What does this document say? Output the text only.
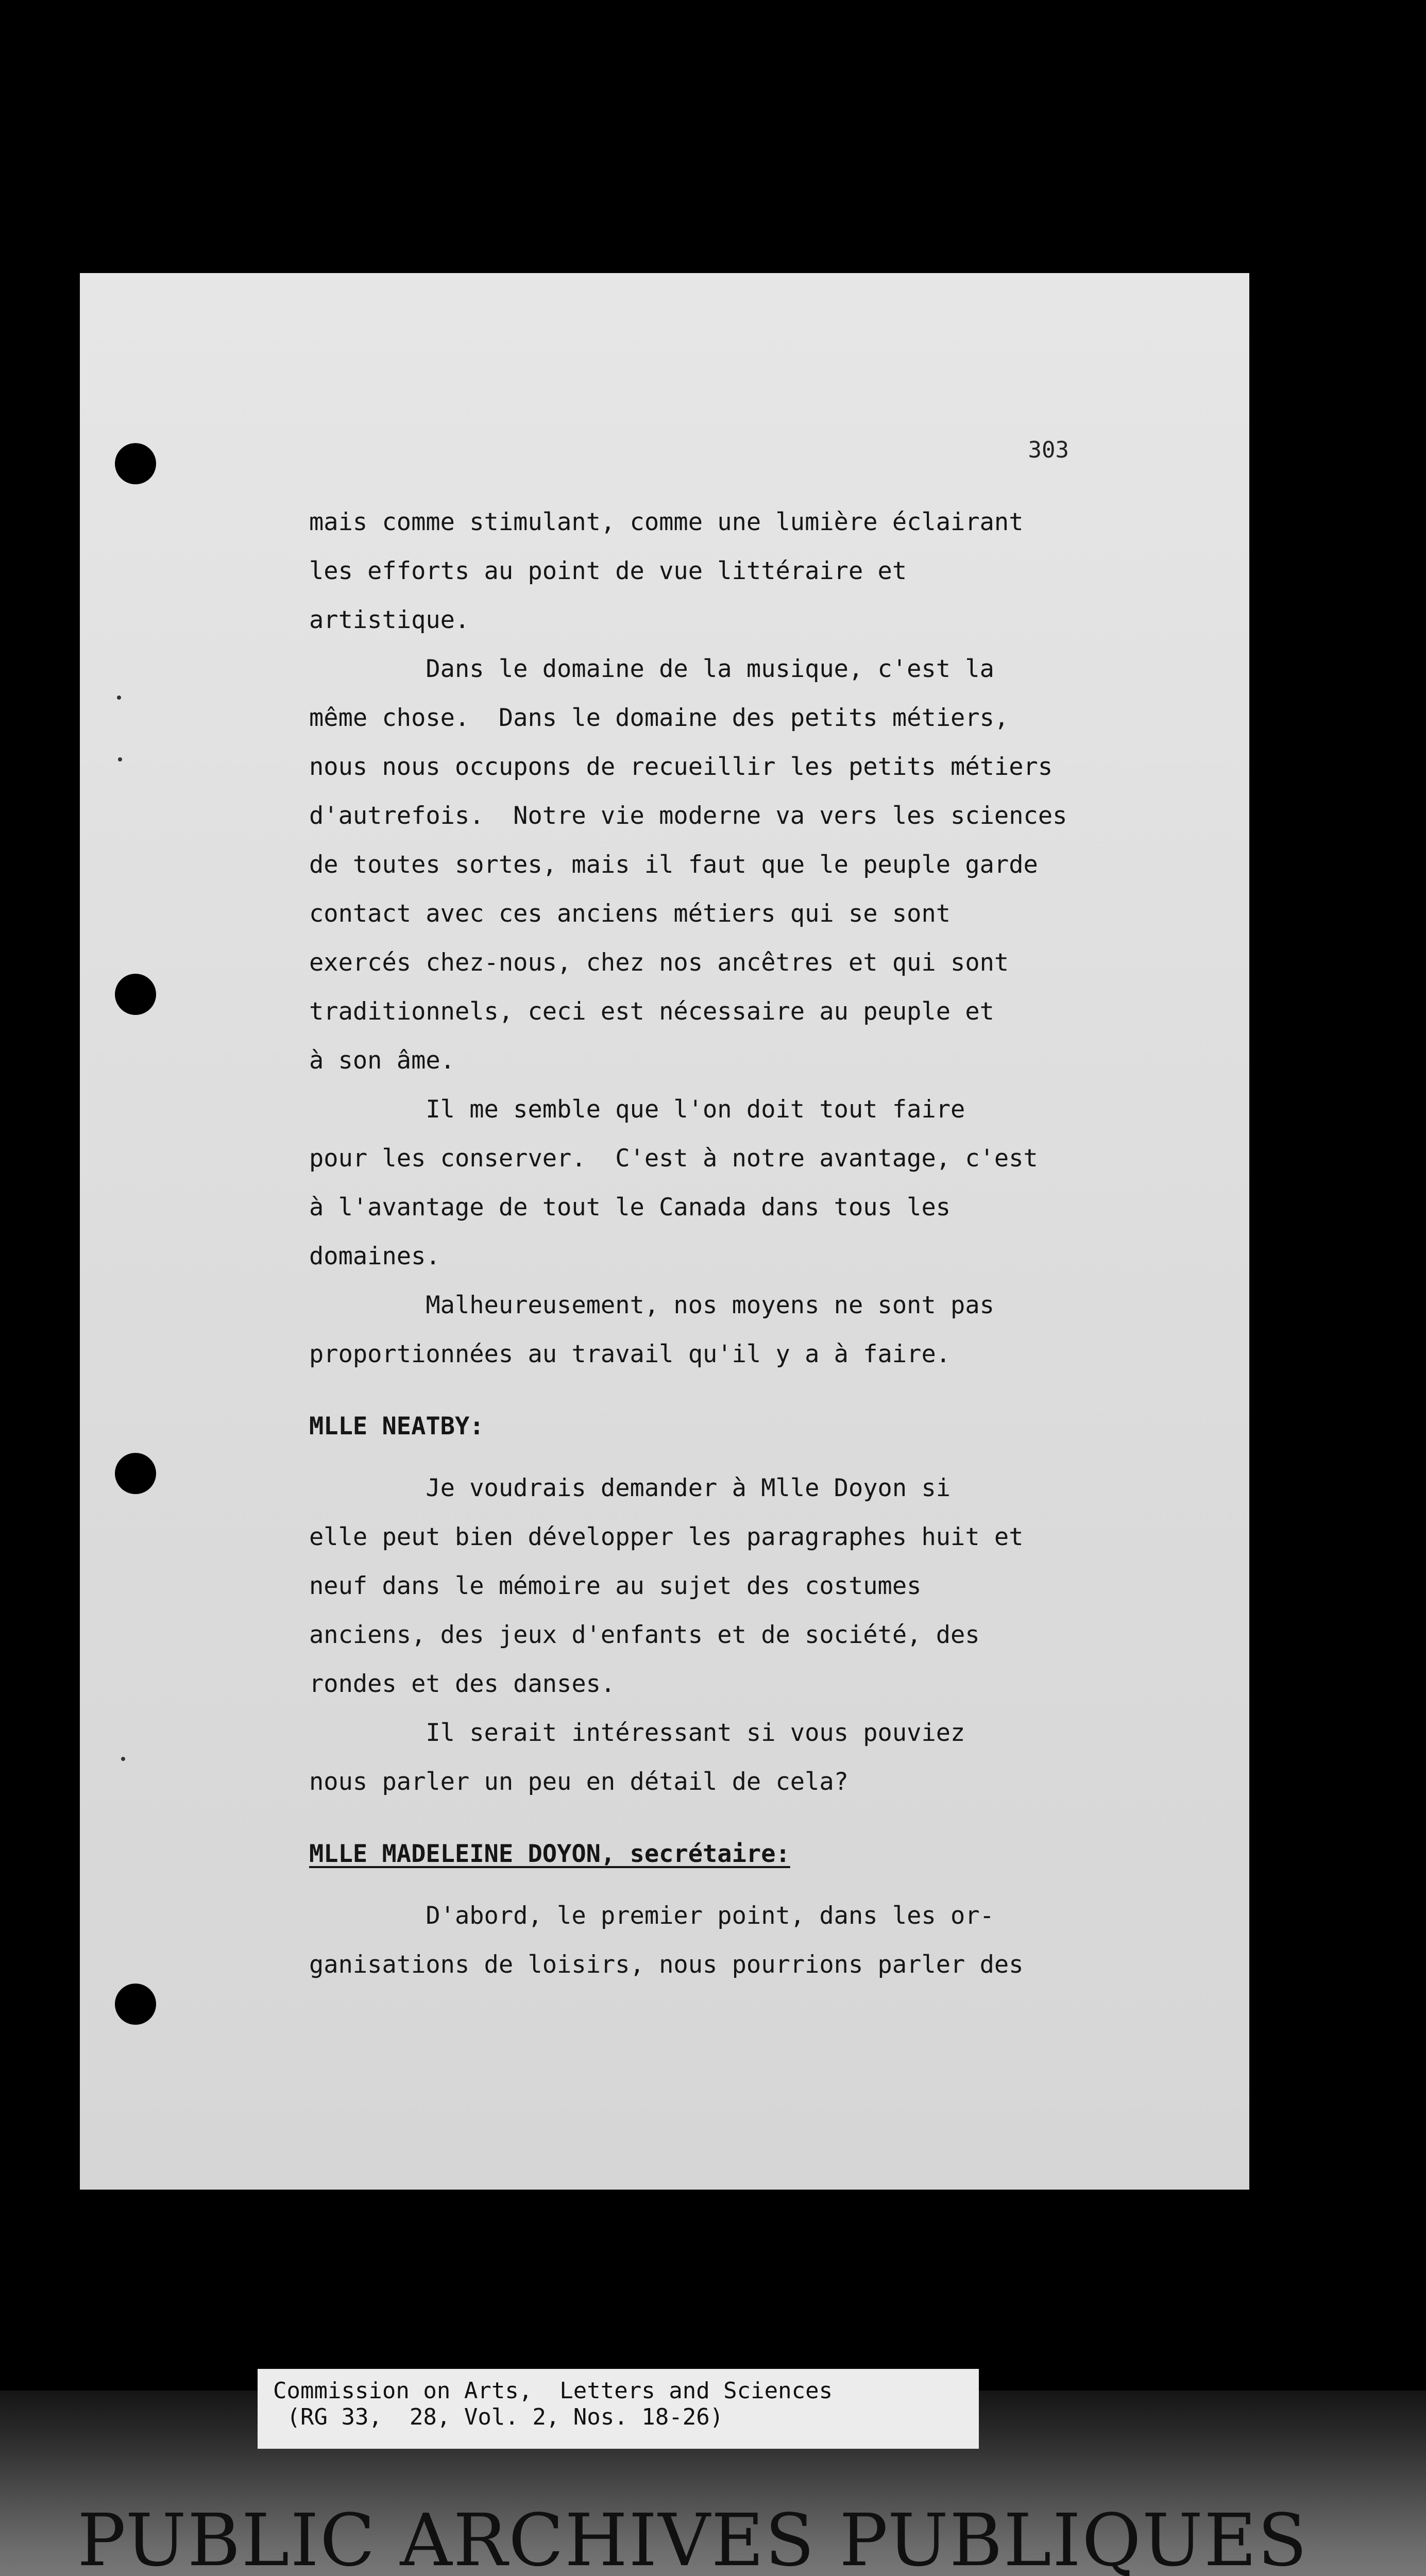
303
mais comme stimulant, comme une lumière éclairant
les efforts au point de vue littéraire et
artistique.
Dans le domaine de la musique, c'est la
même chose.  Dans le domaine des petits métiers,
nous nous occupons de recueillir les petits métiers
d'autrefois.  Notre vie moderne va vers les sciences
de toutes sortes, mais il faut que le peuple garde
contact avec ces anciens métiers qui se sont
exercés chez-nous, chez nos ancêtres et qui sont
traditionnels, ceci est nécessaire au peuple et
à son âme.
Il me semble que l'on doit tout faire
pour les conserver.  C'est à notre avantage, c'est
à l'avantage de tout le Canada dans tous les
domaines.
Malheureusement, nos moyens ne sont pas
proportionnées au travail qu'il y a à faire.
MLLE NEATBY:
Je voudrais demander à Mlle Doyon si
elle peut bien développer les paragraphes huit et
neuf dans le mémoire au sujet des costumes
anciens, des jeux d'enfants et de société, des
rondes et des danses.
Il serait intéressant si vous pouviez
nous parler un peu en détail de cela?
MLLE MADELEINE DOYON, secrétaire:
D'abord, le premier point, dans les or-
ganisations de loisirs, nous pourrions parler des
Commission on Arts,  Letters and Sciences
(RG 33,  28, Vol. 2, Nos. 18-26)
PUBLIC ARCHIVES PUBLIQUES
